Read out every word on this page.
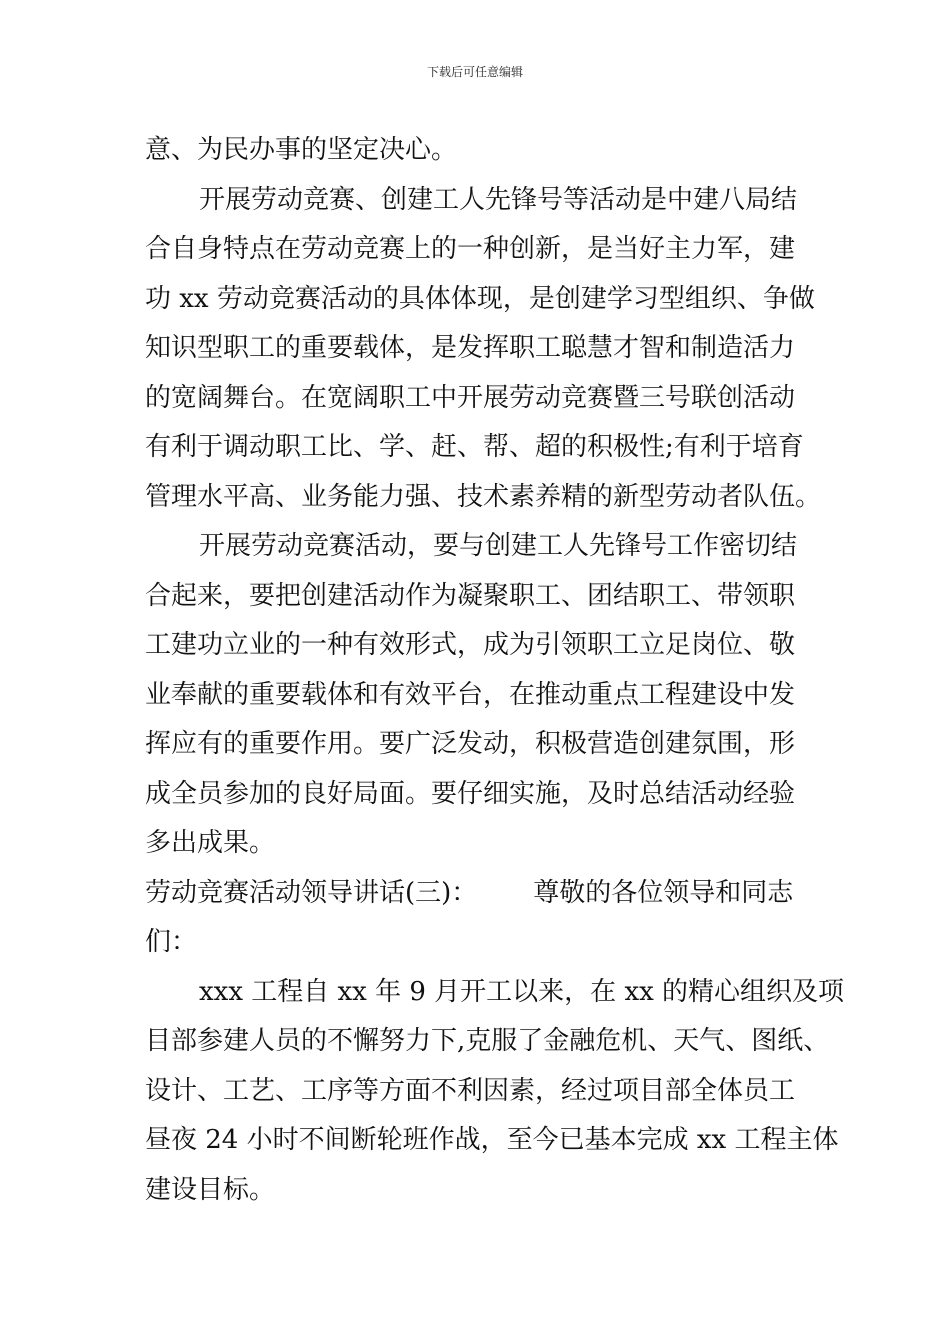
下载后可任意编辑
意、为民办事的坚定决心。
开展劳动竞赛、创建工人先锋号等活动是中建八局结
合自身特点在劳动竞赛上的一种创新，是当好主力军，建
功 xx 劳动竞赛活动的具体体现，是创建学习型组织、争做
知识型职工的重要载体，是发挥职工聪慧才智和制造活力
的宽阔舞台。在宽阔职工中开展劳动竞赛暨三号联创活动
有利于调动职工比、学、赶、帮、超的积极性;有利于培育
管理水平高、业务能力强、技术素养精的新型劳动者队伍。
开展劳动竞赛活动，要与创建工人先锋号工作密切结
合起来，要把创建活动作为凝聚职工、团结职工、带领职
工建功立业的一种有效形式，成为引领职工立足岗位、敬
业奉献的重要载体和有效平台，在推动重点工程建设中发
挥应有的重要作用。要广泛发动，积极营造创建氛围，形
成全员参加的良好局面。要仔细实施，及时总结活动经验
多出成果。
劳动竞赛活动领导讲话(三)： 尊敬的各位领导和同志
们：
xxx 工程自 xx 年 9 月开工以来，在 xx 的精心组织及项
目部参建人员的不懈努力下,克服了金融危机、天气、图纸、
设计、工艺、工序等方面不利因素，经过项目部全体员工
昼夜 24 小时不间断轮班作战，至今已基本完成 xx 工程主体
建设目标。
